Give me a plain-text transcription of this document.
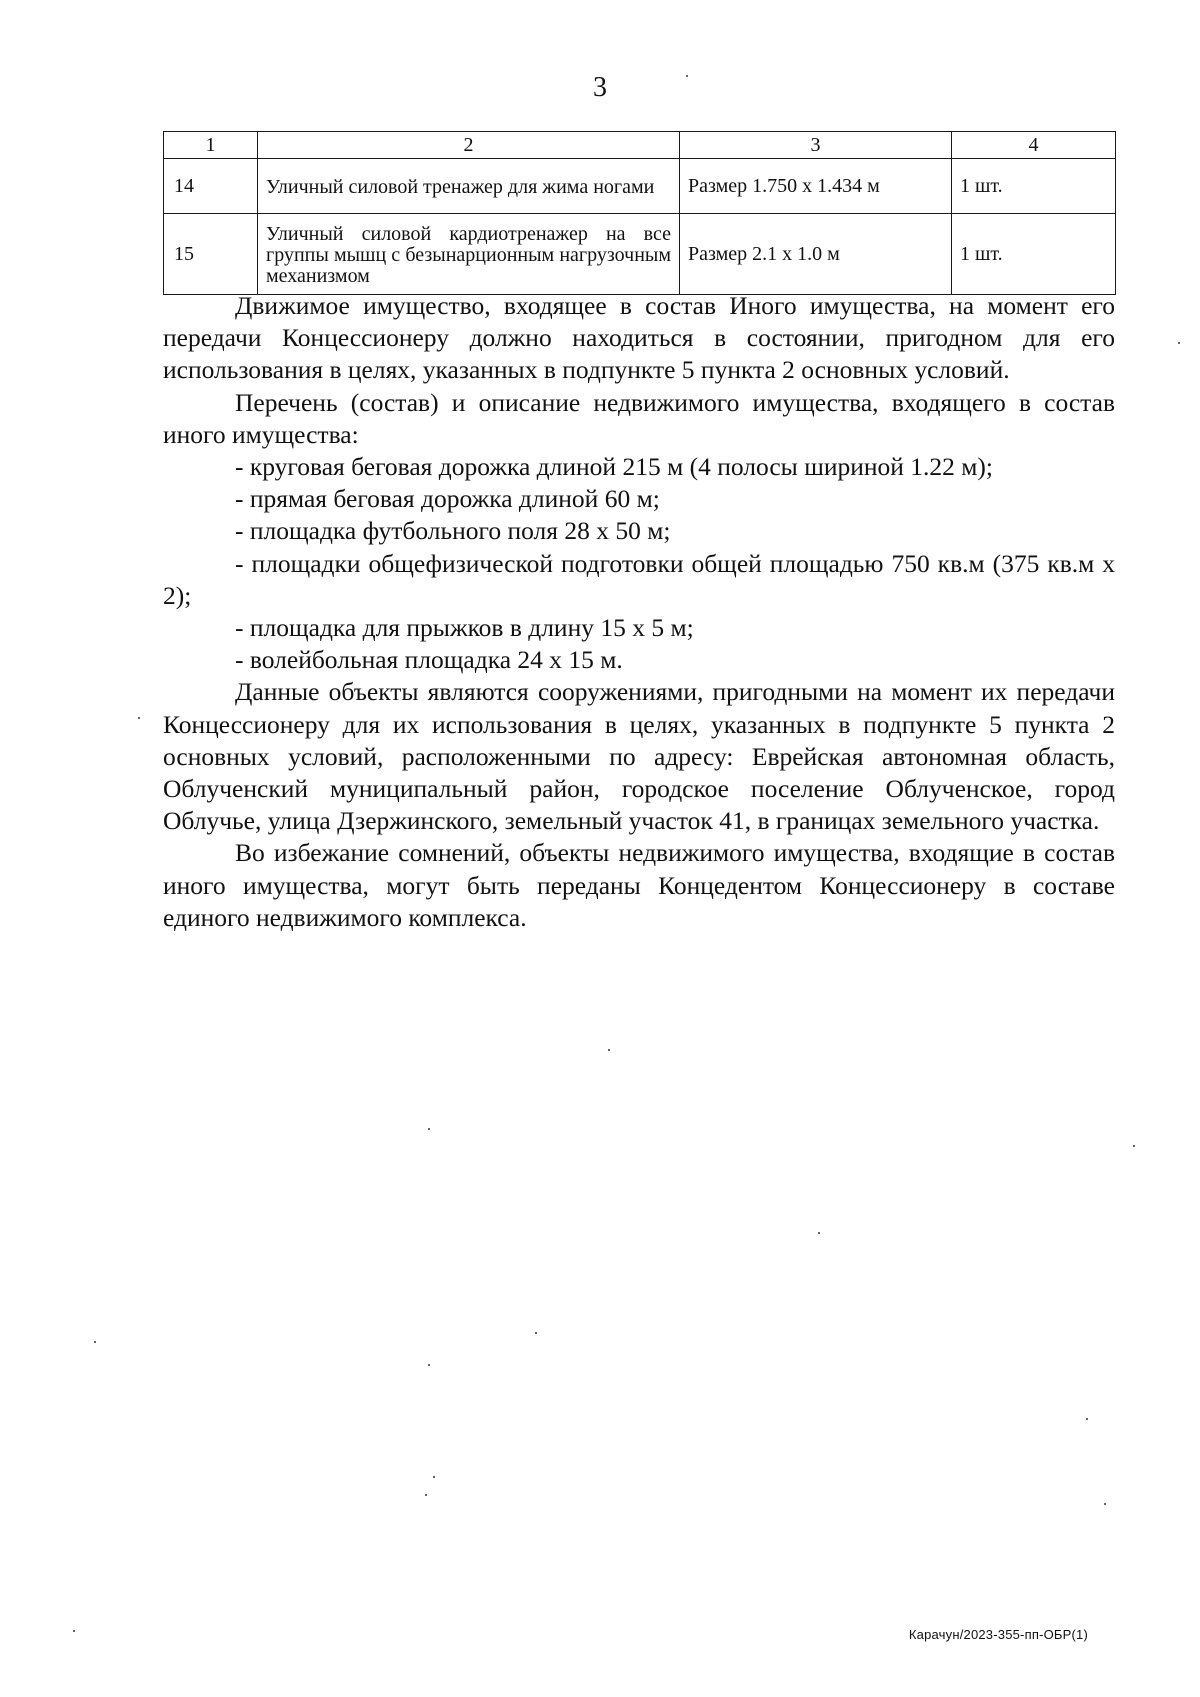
3
1	2	3	4
14	Уличный силовой тренажер для жима ногами	Размер 1.750 х 1.434 м	1 шт.
15	Уличный силовой кардиотренажер на все группы мышц с безынарционным нагрузочным механизмом	Размер 2.1 х 1.0 м	1 шт.

Движимое имущество, входящее в состав Иного имущества, на момент его передачи Концессионеру должно находиться в состоянии, пригодном для его использования в целях, указанных в подпункте 5 пункта 2 основных условий.

Перечень (состав) и описание недвижимого имущества, входящего в состав иного имущества:

- круговая беговая дорожка длиной 215 м (4 полосы шириной 1.22 м);

- прямая беговая дорожка длиной 60 м;

- площадка футбольного поля 28 х 50 м;

- площадки общефизической подготовки общей площадью 750 кв.м (375 кв.м х 2);

- площадка для прыжков в длину 15 х 5 м;

- волейбольная площадка 24 х 15 м.

Данные объекты являются сооружениями, пригодными на момент их передачи Концессионеру для их использования в целях, указанных в подпункте 5 пункта 2 основных условий, расположенными по адресу: Еврейская автономная область, Облученский муниципальный район, городское поселение Облученское, город Облучье, улица Дзержинского, земельный участок 41, в границах земельного участка.

Во избежание сомнений, объекты недвижимого имущества, входящие в состав иного имущества, могут быть переданы Концедентом Концессионеру в составе единого недвижимого комплекса.

Карачун/2023-355-пп-ОБР(1)
